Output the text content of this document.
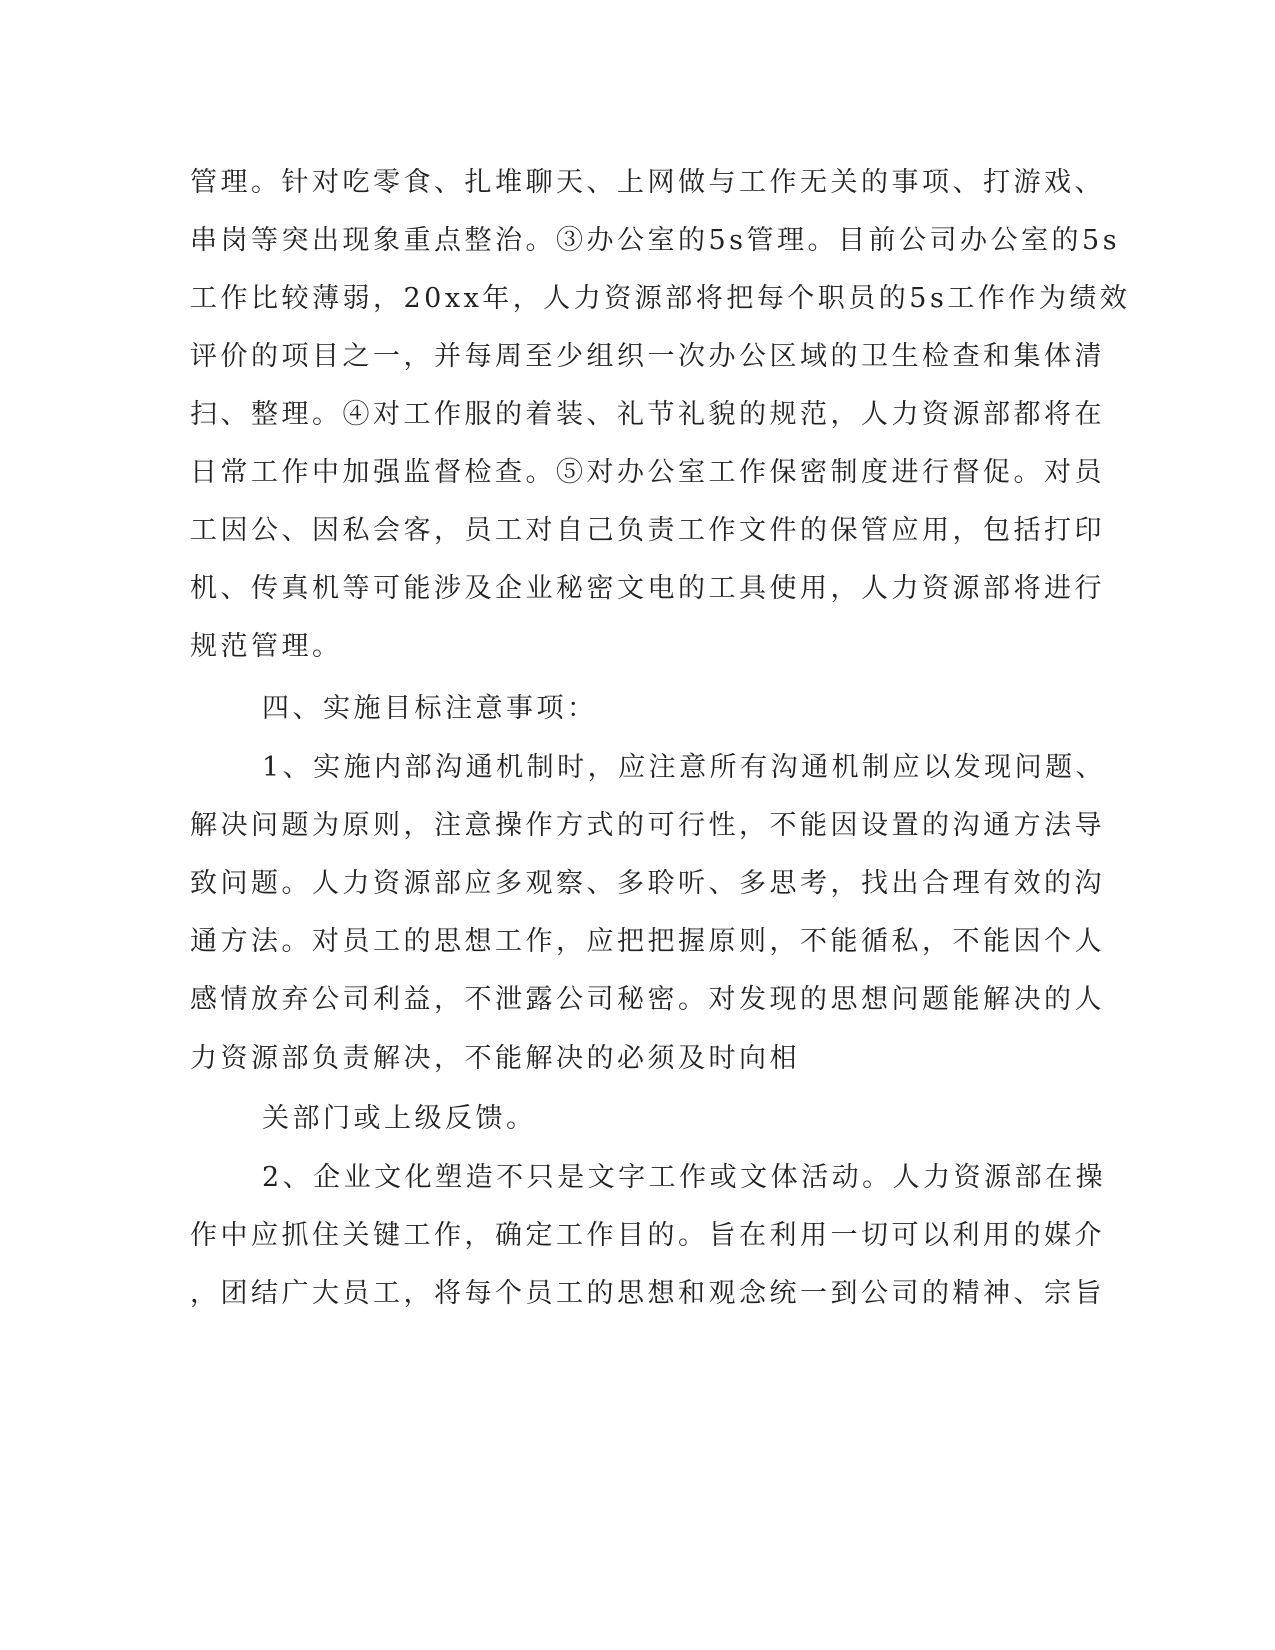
管理。针对吃零食、扎堆聊天、上网做与工作无关的事项、打游戏、
串岗等突出现象重点整治。③办公室的5s管理。目前公司办公室的5s
工作比较薄弱，20xx年，人力资源部将把每个职员的5s工作作为绩效
评价的项目之一，并每周至少组织一次办公区域的卫生检查和集体清
扫、整理。④对工作服的着装、礼节礼貌的规范，人力资源部都将在
日常工作中加强监督检查。⑤对办公室工作保密制度进行督促。对员
工因公、因私会客，员工对自己负责工作文件的保管应用，包括打印
机、传真机等可能涉及企业秘密文电的工具使用，人力资源部将进行
规范管理。
四、实施目标注意事项：
1、实施内部沟通机制时，应注意所有沟通机制应以发现问题、
解决问题为原则，注意操作方式的可行性，不能因设置的沟通方法导
致问题。人力资源部应多观察、多聆听、多思考，找出合理有效的沟
通方法。对员工的思想工作，应把把握原则，不能循私，不能因个人
感情放弃公司利益，不泄露公司秘密。对发现的思想问题能解决的人
力资源部负责解决，不能解决的必须及时向相
关部门或上级反馈。
2、企业文化塑造不只是文字工作或文体活动。人力资源部在操
作中应抓住关键工作，确定工作目的。旨在利用一切可以利用的媒介
，团结广大员工，将每个员工的思想和观念统一到公司的精神、宗旨
